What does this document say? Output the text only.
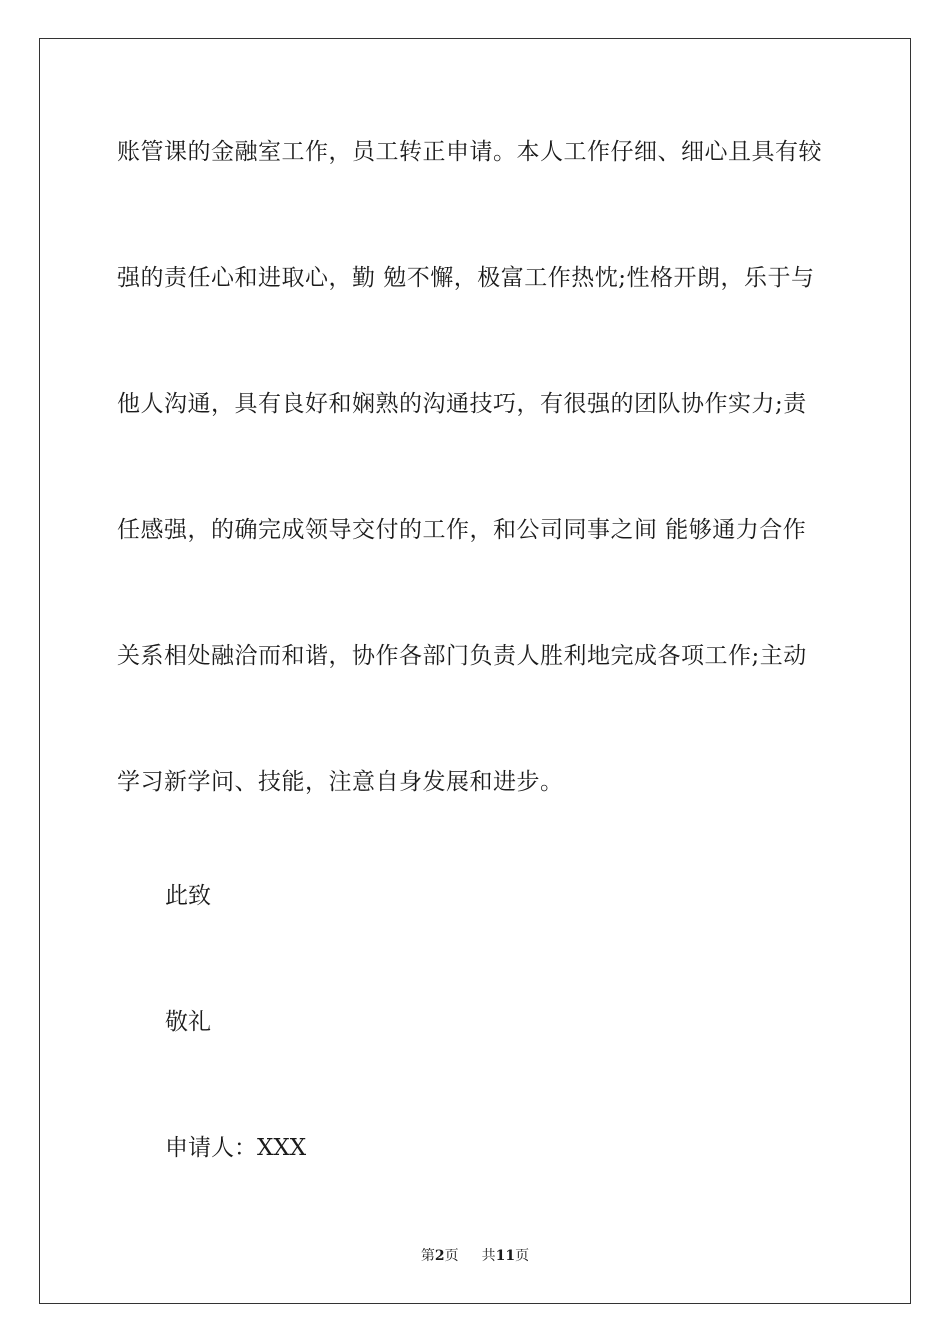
账管课的金融室工作，员工转正申请。本人工作仔细、细心且具有较
强的责任心和进取心，勤 勉不懈，极富工作热忱;性格开朗，乐于与
他人沟通，具有良好和娴熟的沟通技巧，有很强的团队协作实力;责
任感强，的确完成领导交付的工作，和公司同事之间 能够通力合作
关系相处融洽而和谐，协作各部门负责人胜利地完成各项工作;主动
学习新学问、技能，注意自身发展和进步。
此致
敬礼
申请人：XXX
第2页 共11页
